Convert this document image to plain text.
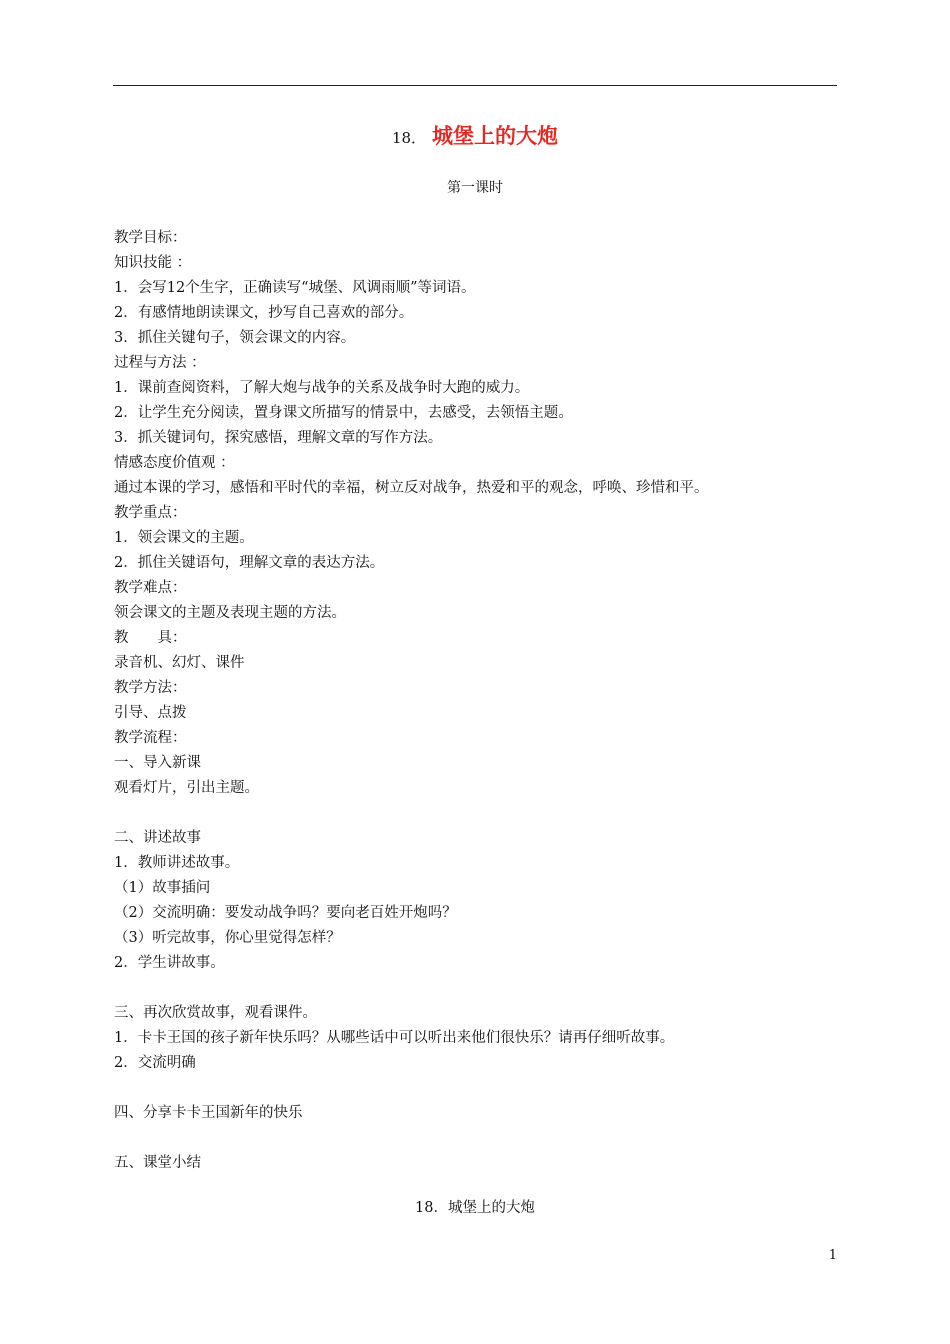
18． 城堡上的大炮
第一课时
教学目标：
知识技能 ：
1．会写12个生字，正确读写“城堡、风调雨顺”等词语。
2．有感情地朗读课文，抄写自己喜欢的部分。
3．抓住关键句子，领会课文的内容。
过程与方法 ：
1．课前查阅资料，了解大炮与战争的关系及战争时大跑的威力。
2．让学生充分阅读，置身课文所描写的情景中，去感受，去领悟主题。
3．抓关键词句，探究感悟，理解文章的写作方法。
情感态度价值观 ：
通过本课的学习，感悟和平时代的幸福，树立反对战争，热爱和平的观念，呼唤、珍惜和平。
教学重点：
1．领会课文的主题。
2．抓住关键语句，理解文章的表达方法。
教学难点：
领会课文的主题及表现主题的方法。
教　　具：
录音机、幻灯、课件
教学方法：
引导、点拨
教学流程：
一、导入新课
观看灯片，引出主题。
二、讲述故事
1．教师讲述故事。
（1）故事插问
（2）交流明确：要发动战争吗？要向老百姓开炮吗？
（3）听完故事，你心里觉得怎样？
2．学生讲故事。
三、再次欣赏故事，观看课件。
1．卡卡王国的孩子新年快乐吗？从哪些话中可以听出来他们很快乐？请再仔细听故事。
2．交流明确
四、分享卡卡王国新年的快乐
五、课堂小结
18．城堡上的大炮
1
